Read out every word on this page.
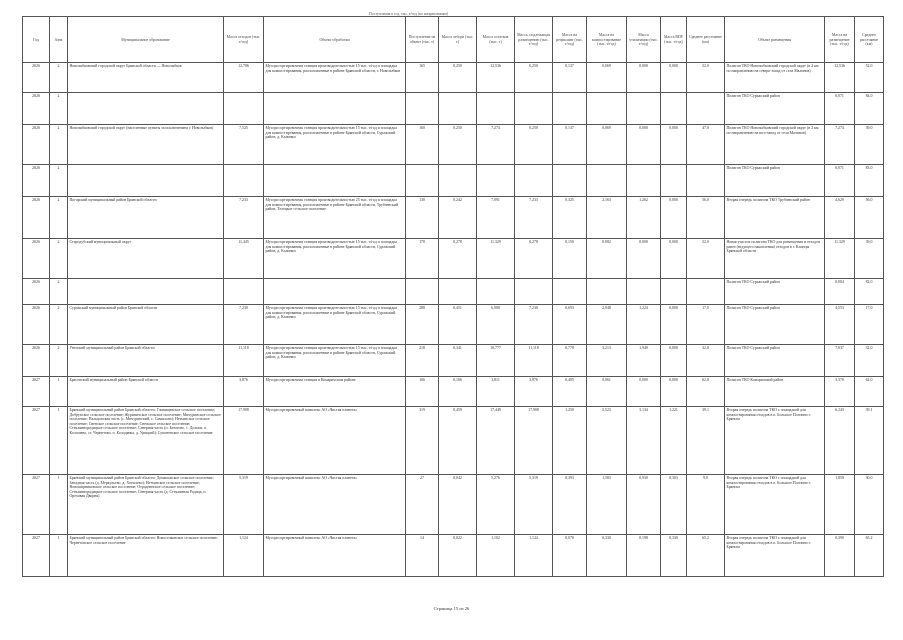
Поступления в год, тыс. т/год (по направлениям)
Год	Зона	Муниципальное образование	Масса отходов (тыс. т/год)	Объект обработки	Поступление на объект (тыс. т)	Масса отбора (тыс. т)	Масса остатков (тыс. т)	Масса, подлежащая размещению (тыс. т/год)	Масса на рециклинг (тыс. т/год)	Масса на компостирование (тыс. т/год)	Масса утилизации (тыс. т/год)	Масса RDF (тыс. т/год)	Среднее расстояние (км)	Объект размещения	Масса на размещение (тыс. т/год)	Среднее расстояние (км)
2026	2	Новозыбковский городской округ Брянской области — Новозыбков	12,786	Мусоросортировочная станция производительностью 15 тыс. т/год и площадка для компостирования, расположенные в районе Брянской области, г. Новозыбков	165	0,250	12,536	0,250	0,137	0,069	0,000	0,000	52,0	Полигон ТКО Новозыбковский городской округ (в 2 км по направлению на северо-запад от села Малинов)	12,536	52,0
2026	2													Полигон ТКО Суражский район	0,071	84,0
2026	2	Новозыбковский городской округ (населенные пункты за исключением г. Новозыбков)	7,525	Мусоросортировочная станция производительностью 15 тыс. т/год и площадка для компостирования, расположенные в районе Брянской области, Суражский район, д. Калинки	160	0,250	7,274	0,250	0,137	0,069	0,000	0,000	47,0	Полигон ТКО Новозыбковский городской округ (в 2 км по направлению на юго-запад от села Малинов)	7,274	39,0
2026	2													Полигон ТКО Суражский район	0,071	83,0
2026	2	Погарский муниципальный район Брянской области	7,233	Мусоросортировочная станция производительностью 25 тыс. т/год и площадка для компостирования, расположенные в районе Брянской области, Трубчевский район, Телецкое сельское поселение	130	0,242	7,091	7,233	0,325	2,163	1,262	0,000	56,0	Вторая очередь полигона ТКО Трубчевский район	4,629	56,0
2026	2	Стародубский муниципальный округ	11,445	Мусоросортировочная станция производительностью 15 тыс. т/год и площадка для компостирования, расположенные в районе Брянской области, Суражский район, д. Калинки	178	0,278	11,329	0,278	0,150	0,082	0,000	0,000	52,0	Новая участок полигона ТКО для размещения и отходов ранее (ведущего накопления) отходов в г. Клинцы Брянской области	11,329	39,0
2026	2													Полигон ТКО Суражский район	0,004	82,0
2026	2	Суражский муниципальный район Брянской области	7,230	Мусоросортировочная станция производительностью 15 тыс. т/год и площадка для компостирования, расположенные в районе Брянской области, Суражский район, д. Калинки	288	0,451	6,908	7,230	0,693	2,048	1,224	0,000	17,0	Полигон ТКО Суражский район	4,553	17,0
2026	2	Унечский муниципальный район Брянской области	11,118	Мусоросортировочная станция производительностью 15 тыс. т/год и площадка для компостирования, расположенные в районе Брянской области, Суражский район, д. Калинки	218	0,341	10,777	11,118	0,778	3,213	1,940	0,000	32,0	Полигон ТКО Суражский район	7,037	32,0
2027	1	Брасовский муниципальный район Брянской области	3,876	Мусоросортировочная станция в Комаричском районе	106	0,166	3,811	3,876	0,405	0,061	0,000	0,000	62,0	Полигон ТКО Комаричский район	3,370	62,0
2027	1	Брянский муниципальный район Брянской области: Глинищевское сельское поселение; Добрунское сельское поселение; Журиничское сельское поселение; Мичуринское сельское поселение; Пальцовская часть (с. Мичуринский, с. Самылово); Нетьинское сельское поселение; Свенское сельское поселение; Снежское сельское поселение; Стекляннорадицкое сельское поселение; Северная часть (п. Батагово, с. Дольки, п. Колошево, ст. Чернетово, п. Колодянка, д. Урицкий); Супоневское сельское поселение	17,908	Мусоросортировочный комплекс АО «Чистая планета»	319	0,459	17,449	17,908	1,250	5,523	3,134	1,221	39,1	Вторая очередь полигона ТКО с площадкой для компостирования отходов в п. Большое Полпино г. Брянска	6,243	39,1
2027	1	Брянский муниципальный район Брянской области: Домашовское сельское поселение; Западная часть (д. Меркульево, д. Хотылево); Нетьинское сельское поселение; Новоширниковское сельское поселение; Отрадненское сельское поселение; Стекляннорадицкое сельское поселение; Северная часть (д. Стеклянная Радица, п. Ореховая Дворня)	5,319	Мусоросортировочный комплекс АО «Чистая планета»	27	0,042	5,276	5,319	0,393	1,583	0,930	0,303	9,0	Вторая очередь полигона ТКО с площадкой для компостирования отходов в п. Большое Полпино г. Брянска	1,859	30,0
2027	1	Брянский муниципальный район Брянской области: Новоселковское сельское поселение; Чернетовское сельское поселение	1,124	Мусоросортировочный комплекс АО «Чистая планета»	14	0,022	1,102	1,124	0,078	0,330	0,198	0,330	65,2	Вторая очередь полигона ТКО с площадкой для компостирования отходов в п. Большое Полпино г. Брянска	0,390	65,2
Страница 15 из 26
